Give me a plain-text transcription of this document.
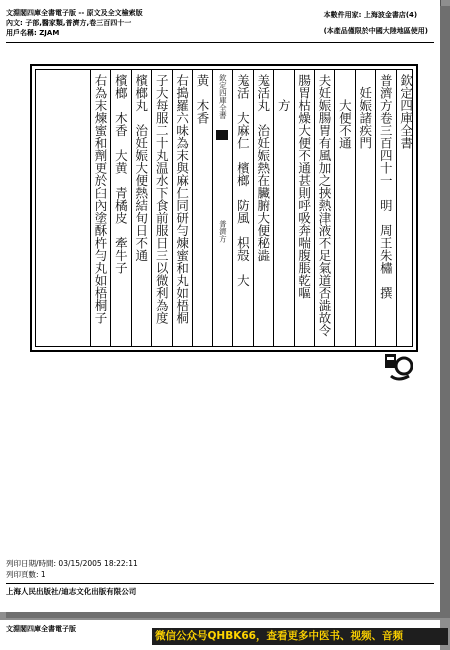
文淵閣四庫全書電子版 -- 原文及全文檢索版
內文: 子部,醫家類,普濟方,卷三百四十一
用戶名稱: ZJAM
本數件用家: 上海波金書店(4)
(本產品僅限於中國大陸地區使用)
欽定四庫全書
普濟方卷三百四十一　明　周王朱橚　撰
　妊娠諸疾門
　　大便不通
夫妊娠腸胃有風加之挾熱津液不足氣道否澁故令
腸胃枯燥大便不通甚則呼吸奔喘腹脹乾嘔
　　方
羗活丸　治妊娠熱在臟腑大便秘澁
羗活　大麻仁　檳榔　防風　枳殻　大
黄　木香
右搗羅六味為末與麻仁同研勻煉蜜和丸如梧桐
子大每服二十丸温水下食前服日三以微利為度
檳榔丸　治妊娠大便熱結旬日不通
檳榔　木香　大黄　青橘皮　牽牛子
右為末煉蜜和劑更於臼內塗酥杵勻丸如梧桐子	欽定四庫全書
普濟方
列印日期/時間: 03/15/2005 18:22:11
列印頁數: 1
上海人民出版社/迪志文化出版有限公司
文淵閣四庫全書電子版
微信公众号QHBK66，查看更多中医书、视频、音频
